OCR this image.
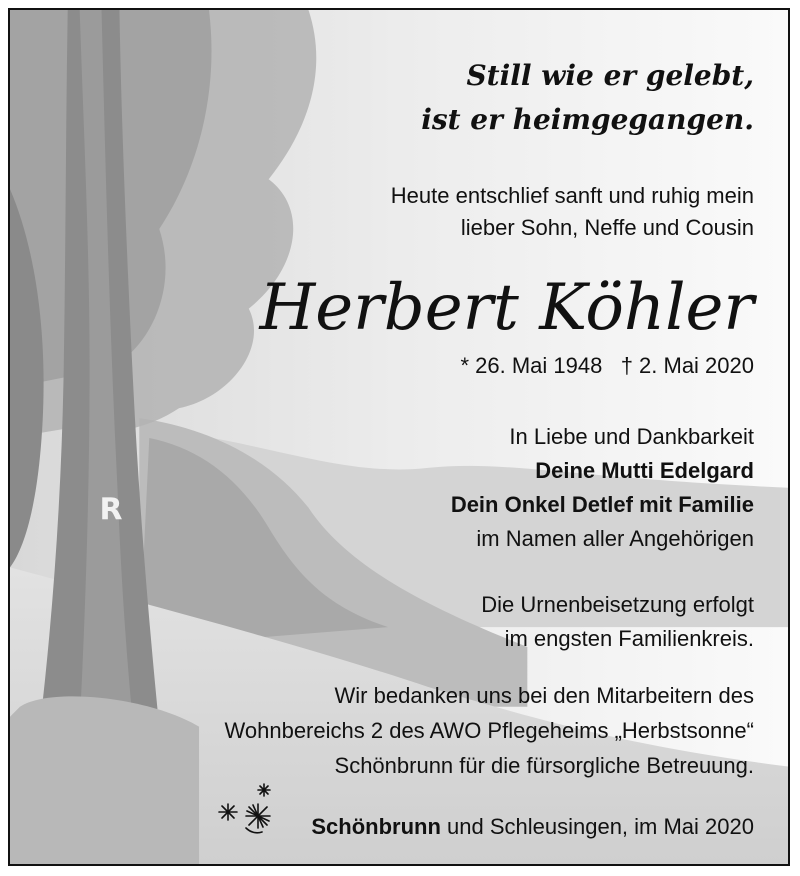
R
Still wie er gelebt,
ist er heimgegangen.
Heute entschlief sanft und ruhig mein
lieber Sohn, Neffe und Cousin
Herbert Köhler
* 26. Mai 1948 † 2. Mai 2020
In Liebe und Dankbarkeit
Deine Mutti Edelgard
Dein Onkel Detlef mit Familie
im Namen aller Angehörigen
Die Urnenbeisetzung erfolgt
im engsten Familienkreis.
Wir bedanken uns bei den Mitarbeitern des
Wohnbereichs 2 des AWO Pflegeheims „Herbstsonne“
Schönbrunn für die fürsorgliche Betreuung.
Schönbrunn und Schleusingen, im Mai 2020
